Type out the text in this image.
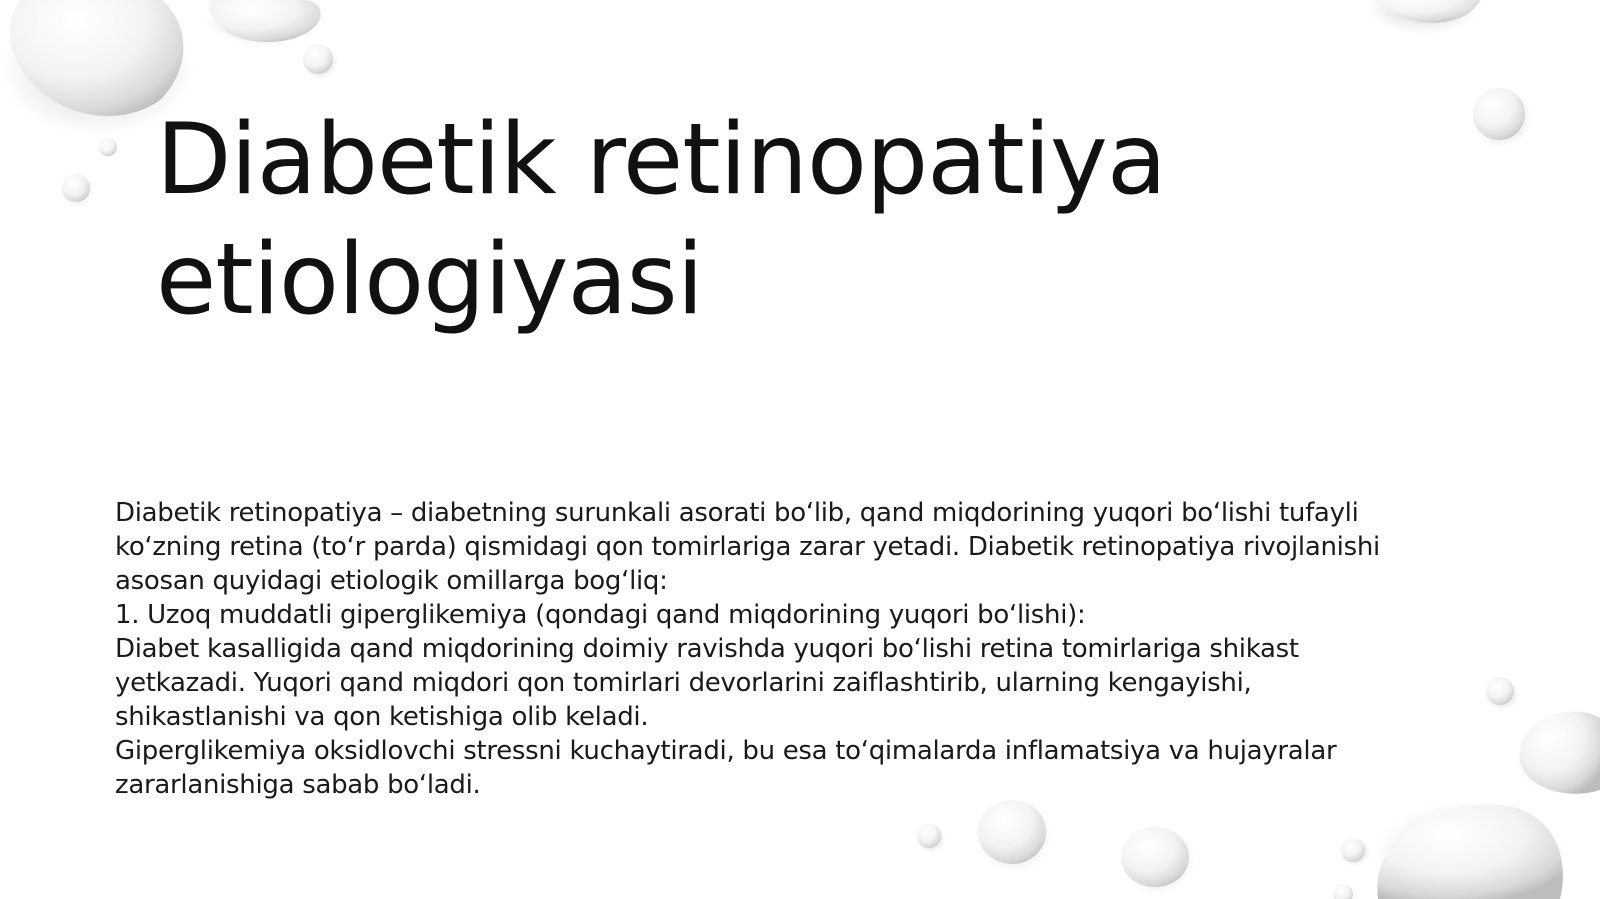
Diabetik retinopatiya
etiologiyasi
Diabetik retinopatiya – diabetning surunkali asorati bo‘lib, qand miqdorining yuqori bo‘lishi tufayli
ko‘zning retina (to‘r parda) qismidagi qon tomirlariga zarar yetadi. Diabetik retinopatiya rivojlanishi
asosan quyidagi etiologik omillarga bog‘liq:
1. Uzoq muddatli giperglikemiya (qondagi qand miqdorining yuqori bo‘lishi):
Diabet kasalligida qand miqdorining doimiy ravishda yuqori bo‘lishi retina tomirlariga shikast
yetkazadi. Yuqori qand miqdori qon tomirlari devorlarini zaiflashtirib, ularning kengayishi,
shikastlanishi va qon ketishiga olib keladi.
Giperglikemiya oksidlovchi stressni kuchaytiradi, bu esa to‘qimalarda inflamatsiya va hujayralar
zararlanishiga sabab bo‘ladi.
